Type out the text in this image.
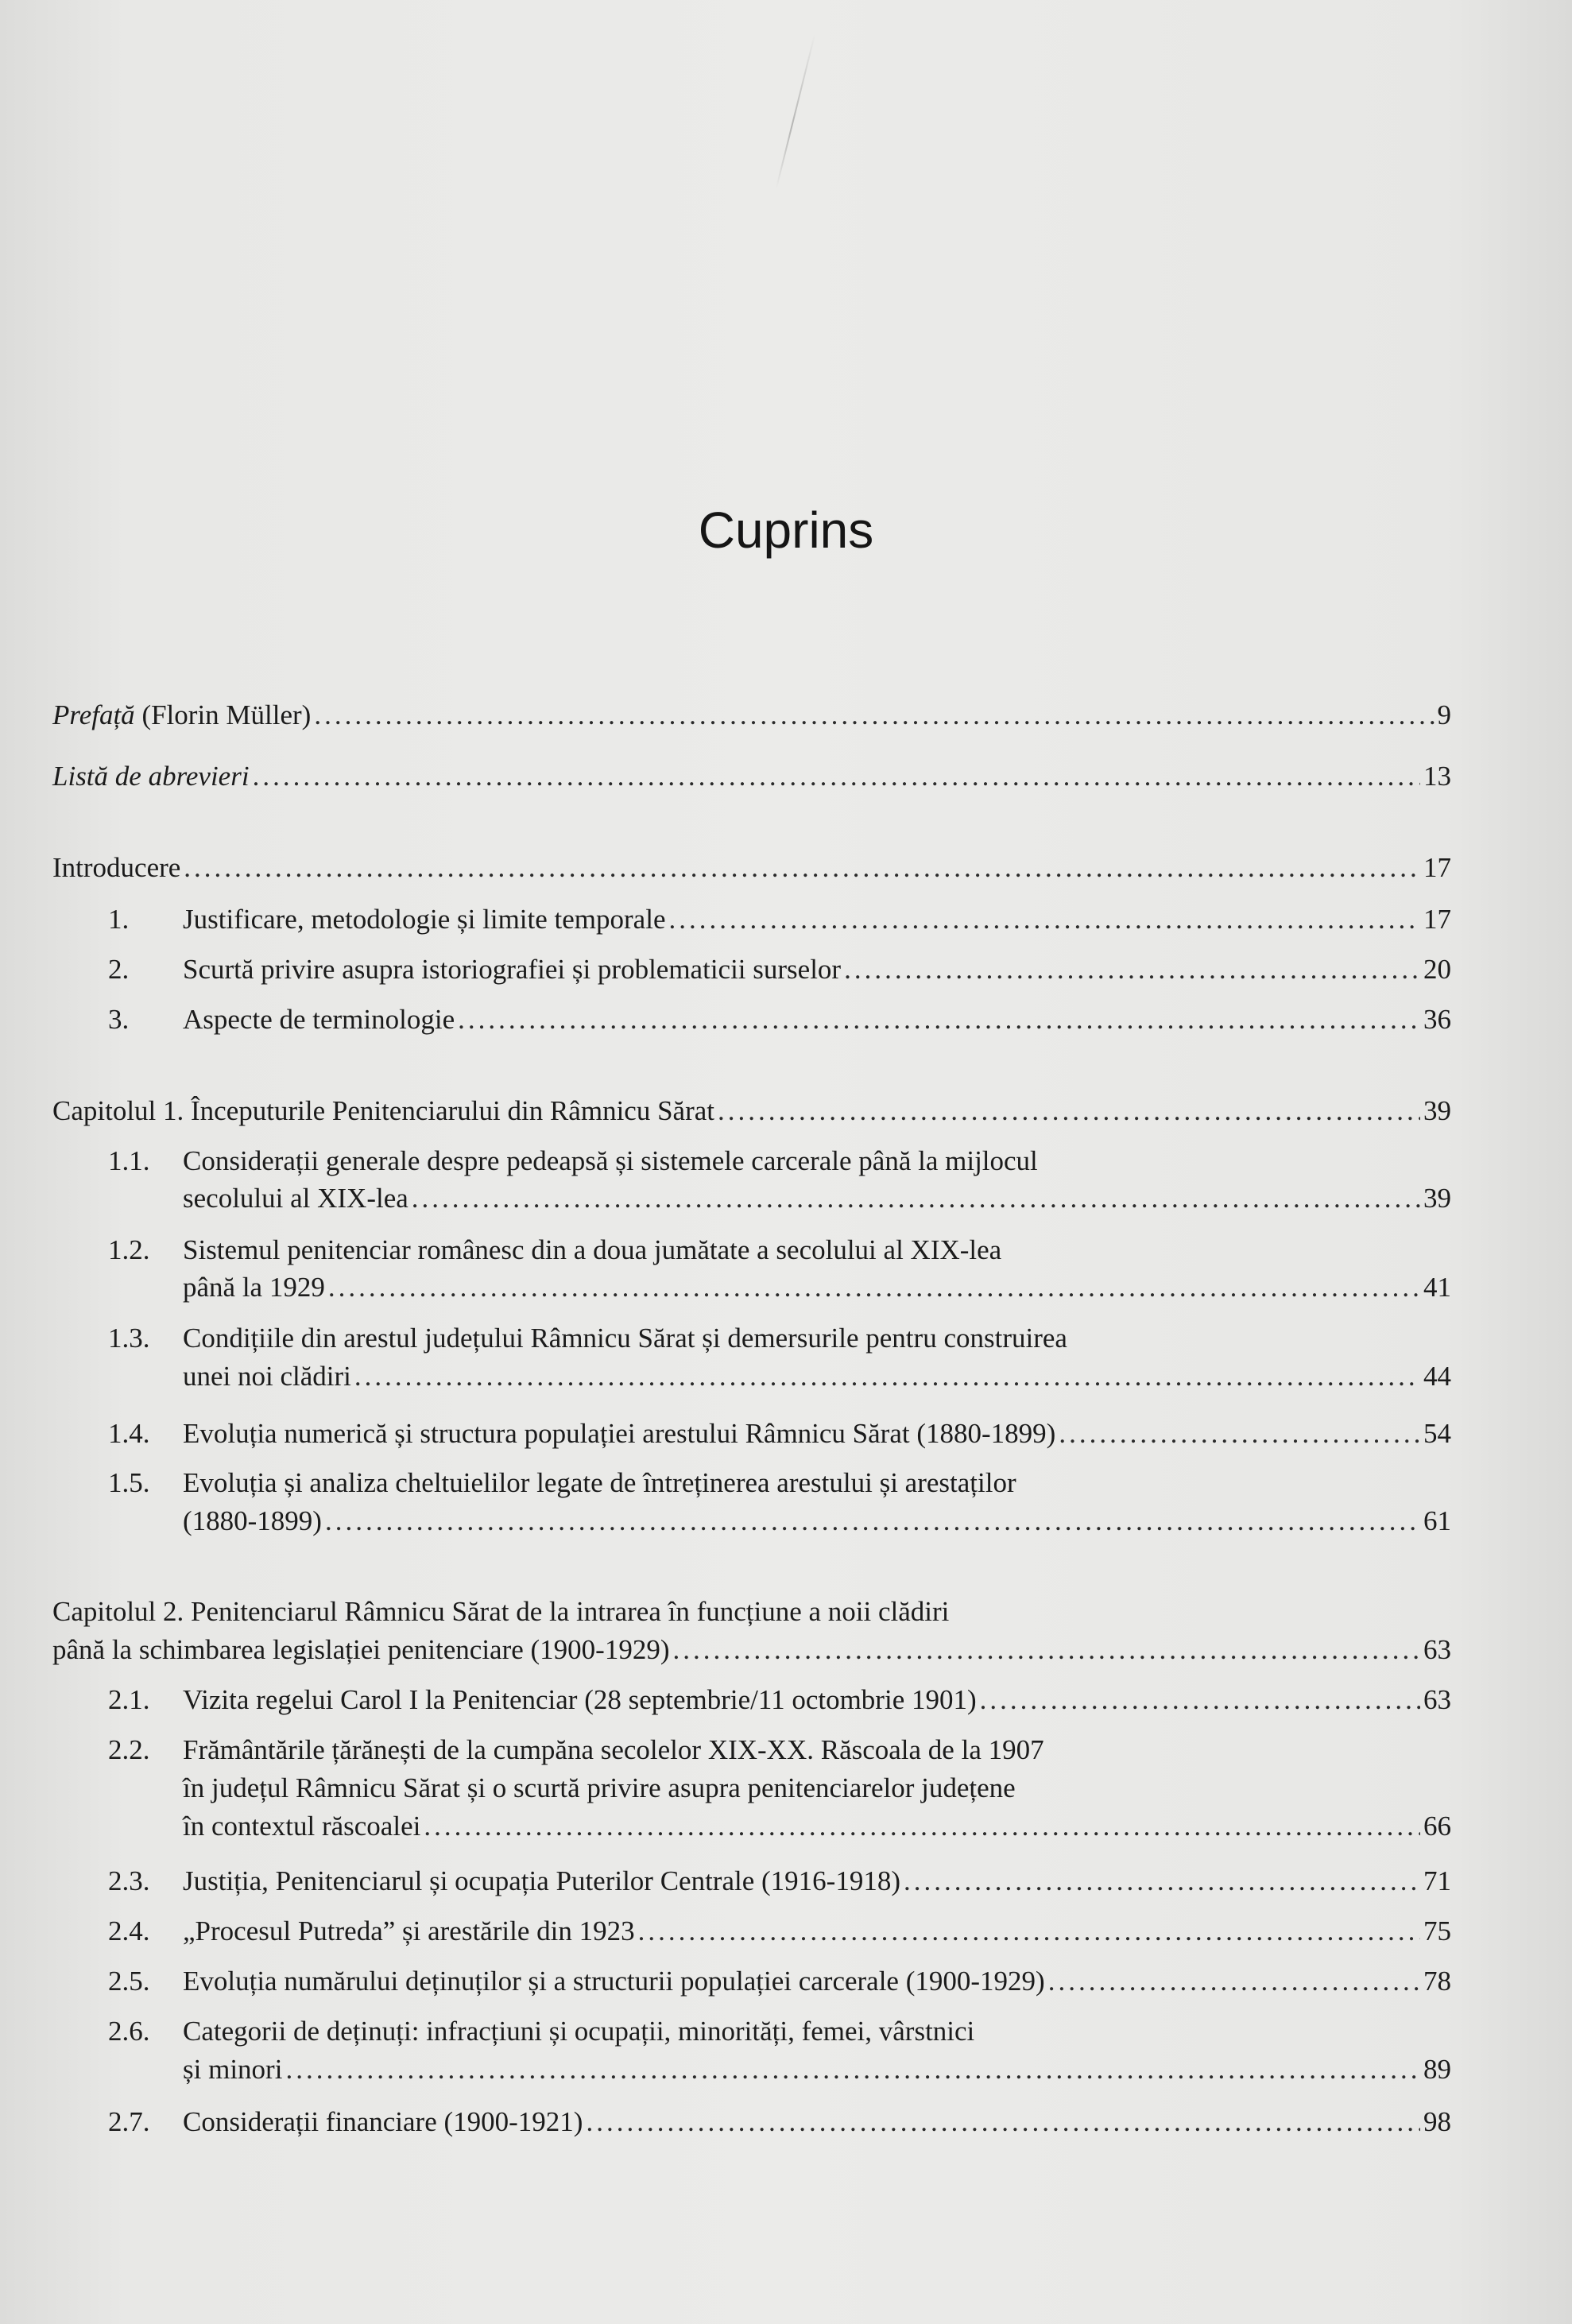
Cuprins
Prefață (Florin Müller) .....	9
Listă de abrevieri .....	13
Introducere .....	17
1.	Justificare, metodologie și limite temporale .....	17
2.	Scurtă privire asupra istoriografiei și problematicii surselor .....	20
3.	Aspecte de terminologie .....	36
Capitolul 1. Începuturile Penitenciarului din Râmnicu Sărat .....	39
1.1.	Considerații generale despre pedeapsă și sistemele carcerale până la mijlocul
secolului al XIX-lea .....	39
1.2.	Sistemul penitenciar românesc din a doua jumătate a secolului al XIX-lea
până la 1929 .....	41
1.3.	Condițiile din arestul județului Râmnicu Sărat și demersurile pentru construirea
unei noi clădiri .....	44
1.4.	Evoluția numerică și structura populației arestului Râmnicu Sărat (1880-1899) .....	54
1.5.	Evoluția și analiza cheltuielilor legate de întreținerea arestului și arestaților
(1880-1899) .....	61
Capitolul 2. Penitenciarul Râmnicu Sărat de la intrarea în funcțiune a noii clădiri
până la schimbarea legislației penitenciare (1900-1929) .....	63
2.1.	Vizita regelui Carol I la Penitenciar (28 septembrie/11 octombrie 1901) .....	63
2.2.	Frământările țărănești de la cumpăna secolelor XIX-XX. Răscoala de la 1907
în județul Râmnicu Sărat și o scurtă privire asupra penitenciarelor județene
în contextul răscoalei .....	66
2.3.	Justiția, Penitenciarul și ocupația Puterilor Centrale (1916-1918) .....	71
2.4.	„Procesul Putreda” și arestările din 1923 .....	75
2.5.	Evoluția numărului deținuților și a structurii populației carcerale (1900-1929) .....	78
2.6.	Categorii de deținuți: infracțiuni și ocupații, minorități, femei, vârstnici
și minori .....	89
2.7.	Considerații financiare (1900-1921) .....	98
